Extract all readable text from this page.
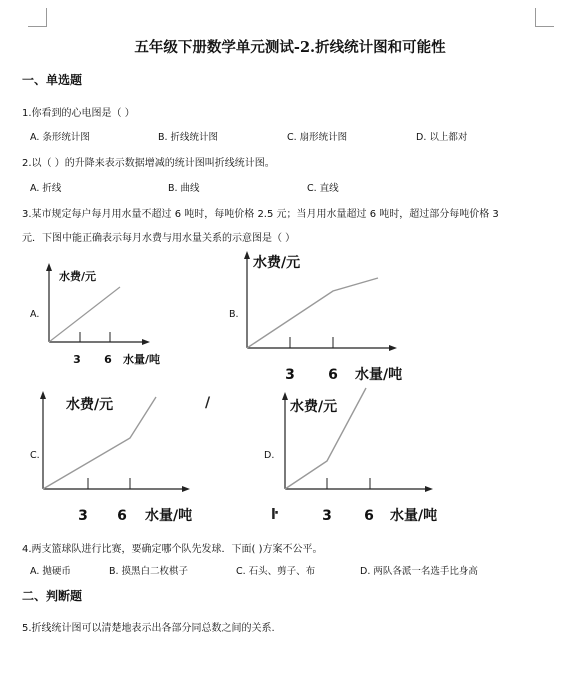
五年级下册数学单元测试-2.折线统计图和可能性
一、单选题
1.你看到的心电图是（ ）
A. 条形统计图	B. 折线统计图	C. 扇形统计图	D. 以上都对
2.以（ ）的升降来表示数据增减的统计图叫折线统计图。
A. 折线	B. 曲线	C. 直线
3.某市规定每户每月用水量不超过 6 吨时，每吨价格 2.5 元；当月用水量超过 6 吨时，超过部分每吨价格 3
元．下图中能正确表示每月水费与用水量关系的示意图是（ ）
A.
水费/元
3 6 水量/吨
B.
水费/元
3 6 水量/吨
C.
水费/元
3 6 水量/吨
/
D.
水费/元
3 6 水量/吨
ŀ
4.两支篮球队进行比赛，要确定哪个队先发球．下面( )方案不公平。
A. 抛硬币	B. 摸黑白二枚棋子	C. 石头、剪子、布	D. 两队各派一名选手比身高
二、判断题
5.折线统计图可以清楚地表示出各部分同总数之间的关系.
